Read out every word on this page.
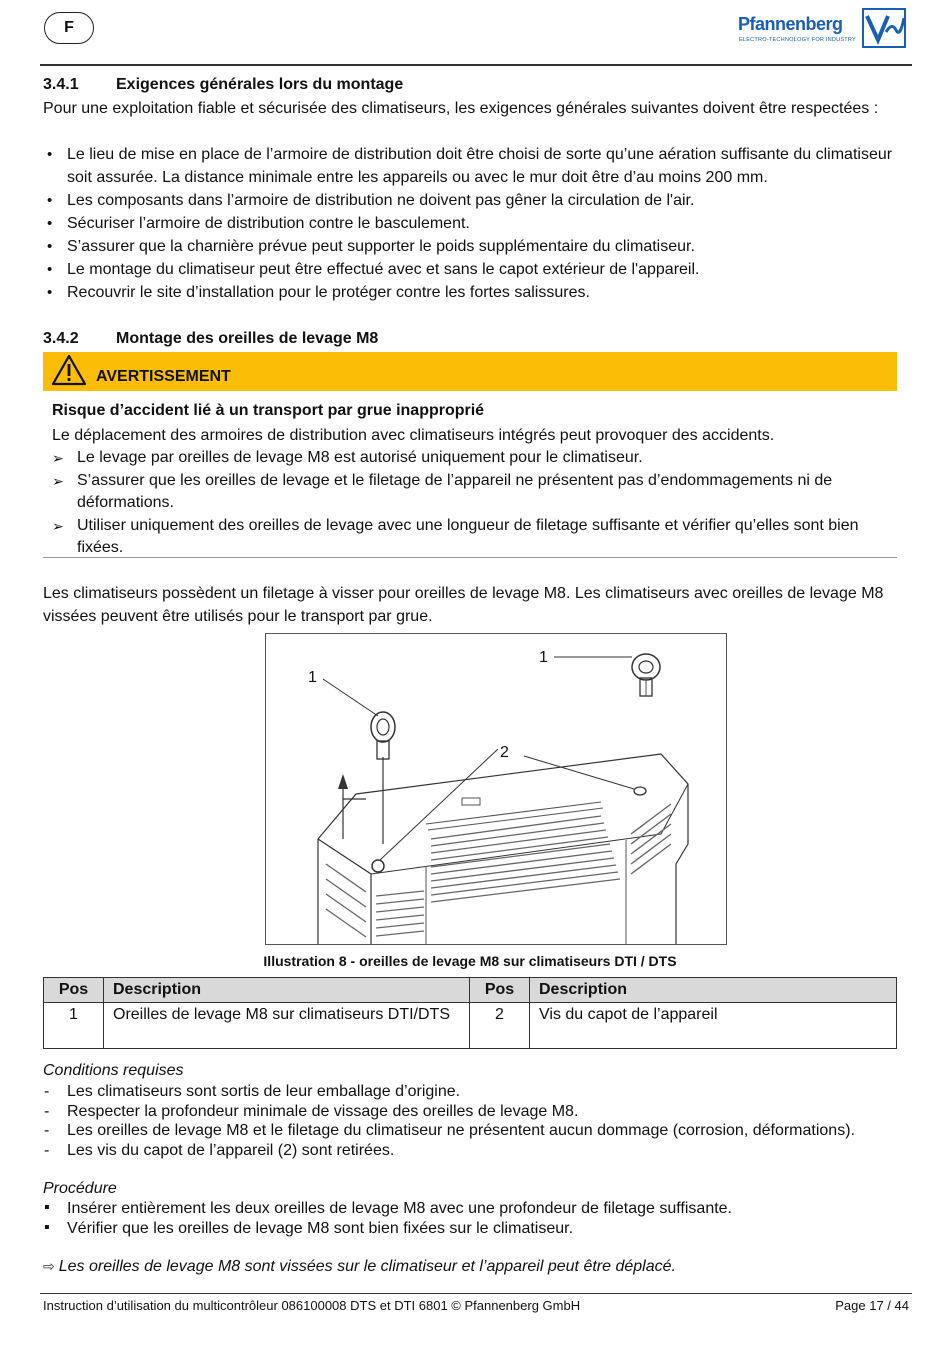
F	Pfannenberg
ELECTRO-TECHNOLOGY FOR INDUSTRY
3.4.1 Exigences générales lors du montage

Pour une exploitation fiable et sécurisée des climatiseurs, les exigences générales suivantes doivent être respectées :

• Le lieu de mise en place de l’armoire de distribution doit être choisi de sorte qu’une aération suffisante du climatiseur soit assurée. La distance minimale entre les appareils ou avec le mur doit être d’au moins 200 mm.
• Les composants dans l’armoire de distribution ne doivent pas gêner la circulation de l'air.
• Sécuriser l’armoire de distribution contre le basculement.
• S’assurer que la charnière prévue peut supporter le poids supplémentaire du climatiseur.
• Le montage du climatiseur peut être effectué avec et sans le capot extérieur de l'appareil.
• Recouvrir le site d’installation pour le protéger contre les fortes salissures.
3.4.2 Montage des oreilles de levage M8
AVERTISSEMENT
Risque d’accident lié à un transport par grue inapproprié

Le déplacement des armoires de distribution avec climatiseurs intégrés peut provoquer des accidents.

➢ Le levage par oreilles de levage M8 est autorisé uniquement pour le climatiseur.
➢ S’assurer que les oreilles de levage et le filetage de l’appareil ne présentent pas d’endommagements ni de déformations.
➢ Utiliser uniquement des oreilles de levage avec une longueur de filetage suffisante et vérifier qu’elles sont bien fixées.

Les climatiseurs possèdent un filetage à visser pour oreilles de levage M8. Les climatiseurs avec oreilles de levage M8 vissées peuvent être utilisés pour le transport par grue.

1
1
2
Illustration 8 - oreilles de levage M8 sur climatiseurs DTI / DTS
Pos	Description	Pos	Description
1	Oreilles de levage M8 sur climatiseurs DTI/DTS	2	Vis du capot de l’appareil
Conditions requises
- Les climatiseurs sont sortis de leur emballage d’origine.
- Respecter la profondeur minimale de vissage des oreilles de levage M8.
- Les oreilles de levage M8 et le filetage du climatiseur ne présentent aucun dommage (corrosion, déformations).
- Les vis du capot de l’appareil (2) sont retirées.
Procédure
▪ Insérer entièrement les deux oreilles de levage M8 avec une profondeur de filetage suffisante.
▪ Vérifier que les oreilles de levage M8 sont bien fixées sur le climatiseur.
⇨ Les oreilles de levage M8 sont vissées sur le climatiseur et l’appareil peut être déplacé.
Instruction d’utilisation du multicontrôleur 086100008 DTS et DTI 6801 © Pfannenberg GmbH	Page 17 / 44
